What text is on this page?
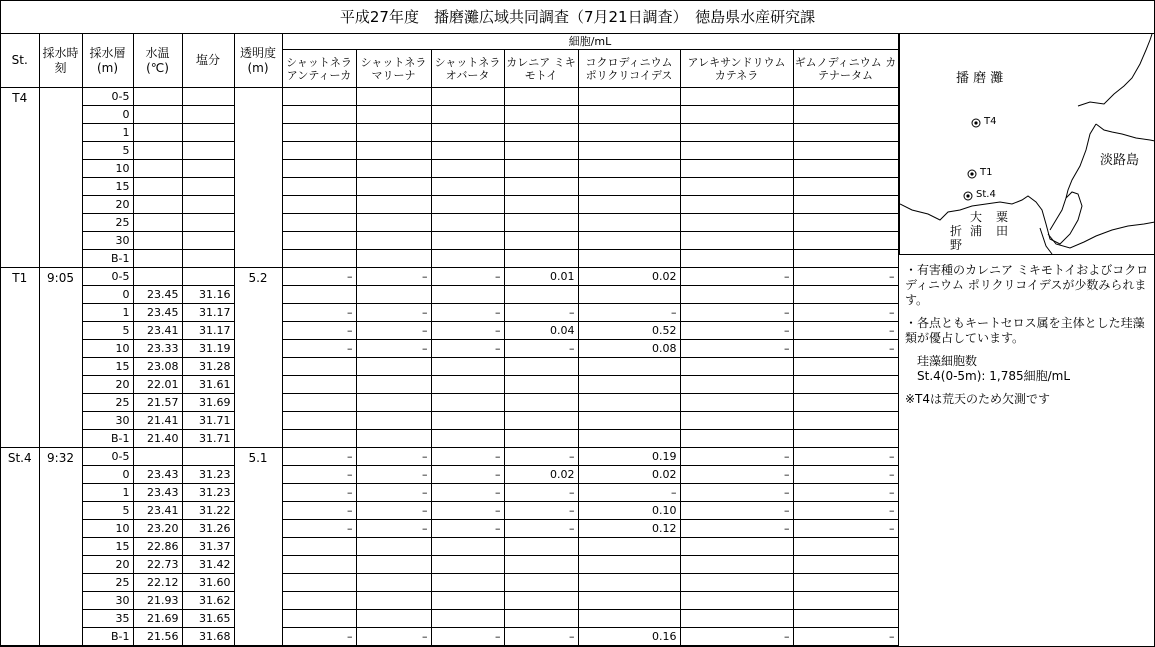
平成27年度　播磨灘広域共同調査（7月21日調査）　徳島県水産研究課
St.	採水時刻	採水層(m)	水温(℃)	塩分	透明度(m)	細胞/mL						
						シャットネラ アンティーカ	シャットネラ マリーナ	シャットネラ オバータ	カレニア ミキモトイ	コクロディニウム ポリクリコイデス	アレキサンドリウム カテネラ	ギムノディニウム カテナータム
T4		0-5										
		0										
		1										
		5										
		10										
		15										
		20										
		25										
		30										
		B-1										
T1	9:05	0-5			5.2	–	–	–	0.01	0.02	–	–
		0	23.45	31.16								
		1	23.45	31.17		–	–	–	–	–	–	–
		5	23.41	31.17		–	–	–	0.04	0.52	–	–
		10	23.33	31.19		–	–	–	–	0.08	–	–
		15	23.08	31.28								
		20	22.01	31.61								
		25	21.57	31.69								
		30	21.41	31.71								
		B-1	21.40	31.71								
St.4	9:32	0-5			5.1	–	–	–	–	0.19	–	–
		0	23.43	31.23		–	–	–	0.02	0.02	–	–
		1	23.43	31.23		–	–	–	–	–	–	–
		5	23.41	31.22		–	–	–	–	0.10	–	–
		10	23.20	31.26		–	–	–	–	0.12	–	–
		15	22.86	31.37								
		20	22.73	31.42								
		25	22.12	31.60								
		30	21.93	31.62								
		35	21.69	31.65								
		B-1	21.56	31.68		–	–	–	–	0.16	–	–
播 磨 灘
淡路島
T4
T1
St.4
大
浦
粟
田
折
野

・有害種のカレニア ミキモトイおよびコクロディニウム ポリクリコイデスが少数みられます。

・各点ともキートセロス属を主体とした珪藻類が優占しています。

珪藻細胞数
St.4(0-5m): 1,785細胞/mL

※T4は荒天のため欠測です
